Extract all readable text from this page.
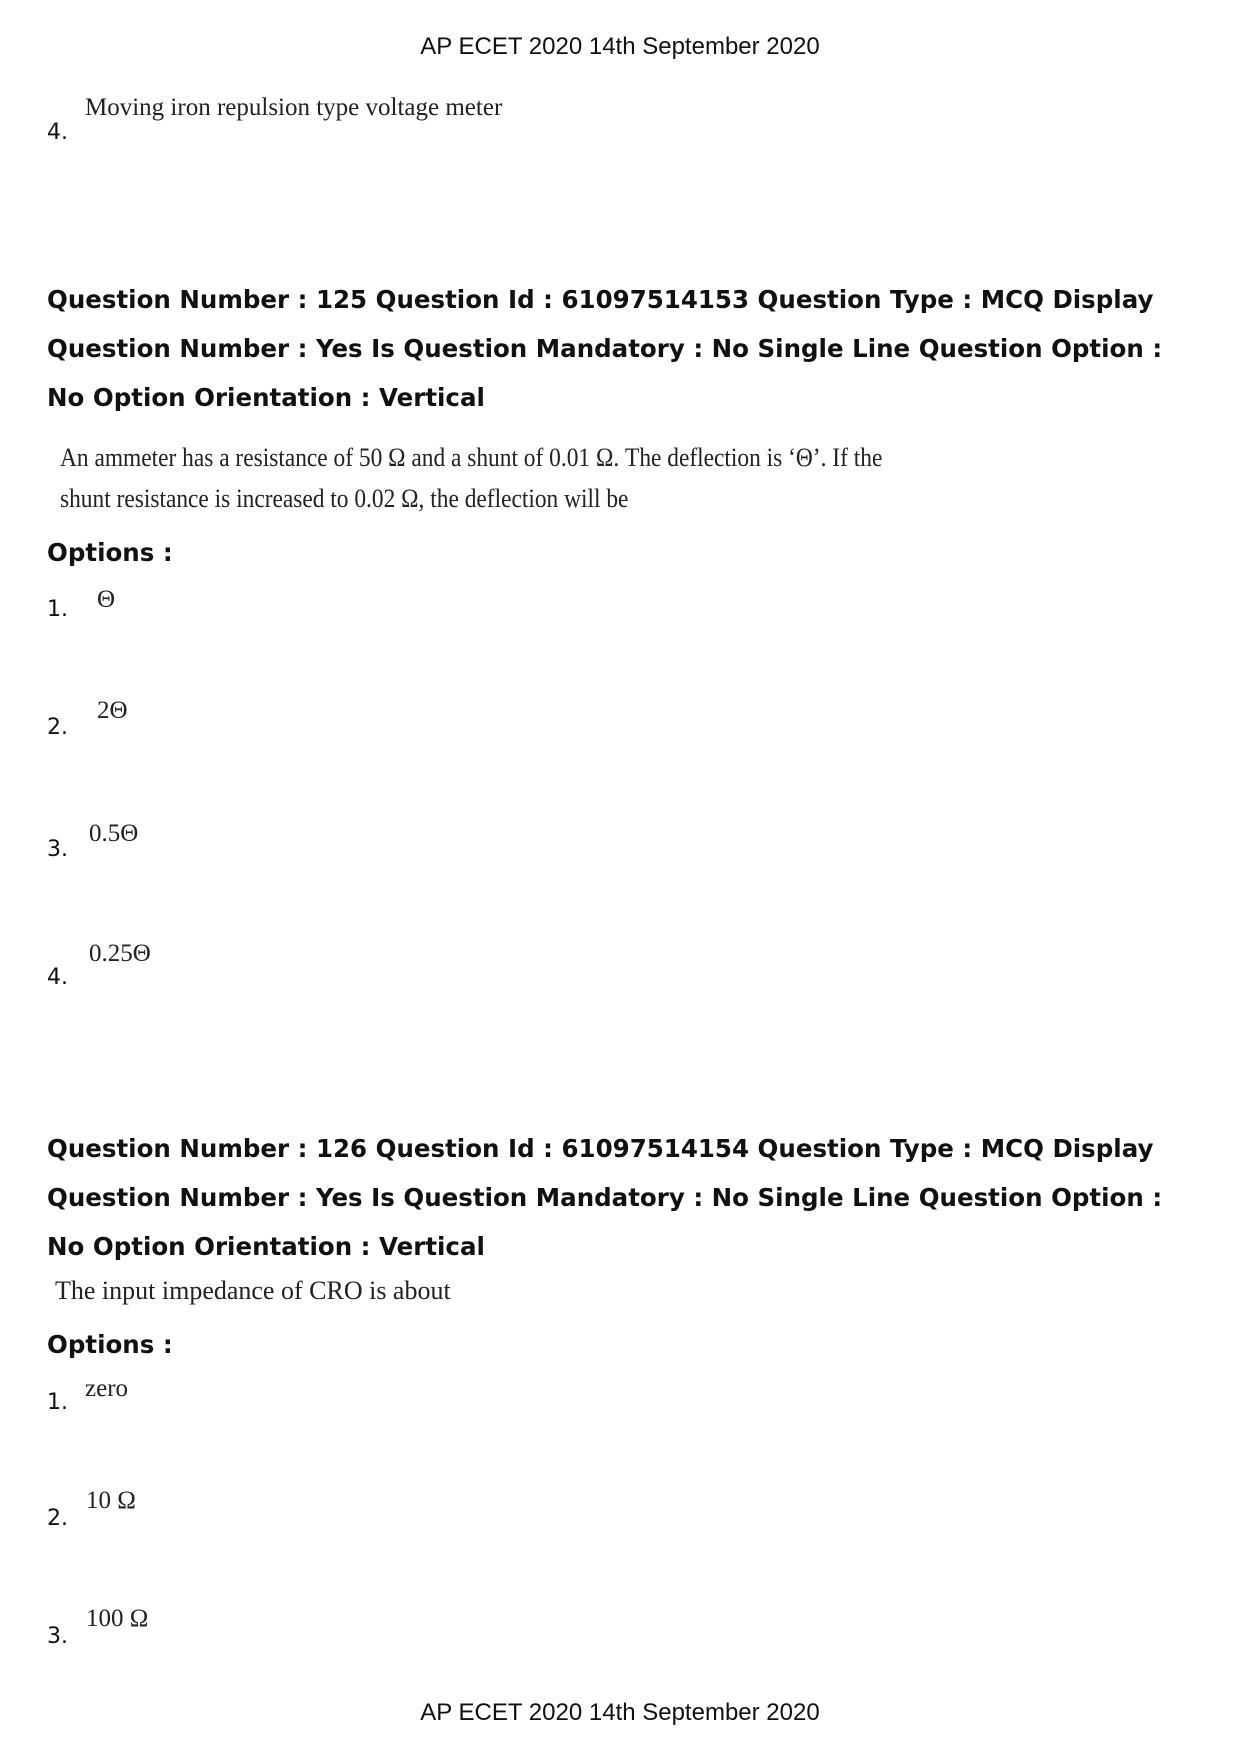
AP ECET 2020 14th September 2020
4.
Moving iron repulsion type voltage meter

Question Number : 125 Question Id : 61097514153 Question Type : MCQ Display Question Number : Yes Is Question Mandatory : No Single Line Question Option : No Option Orientation : Vertical

An ammeter has a resistance of 50 Ω and a shunt of 0.01 Ω. The deflection is ‘Θ’. If the
shunt resistance is increased to 0.02 Ω, the deflection will be
Options :
1. Θ
2.
2Θ
3.
0.5Θ
4.
0.25Θ

Question Number : 126 Question Id : 61097514154 Question Type : MCQ Display Question Number : Yes Is Question Mandatory : No Single Line Question Option : No Option Orientation : Vertical

The input impedance of CRO is about
Options :
1.
zero
2.
10 Ω
3.
100 Ω
AP ECET 2020 14th September 2020
